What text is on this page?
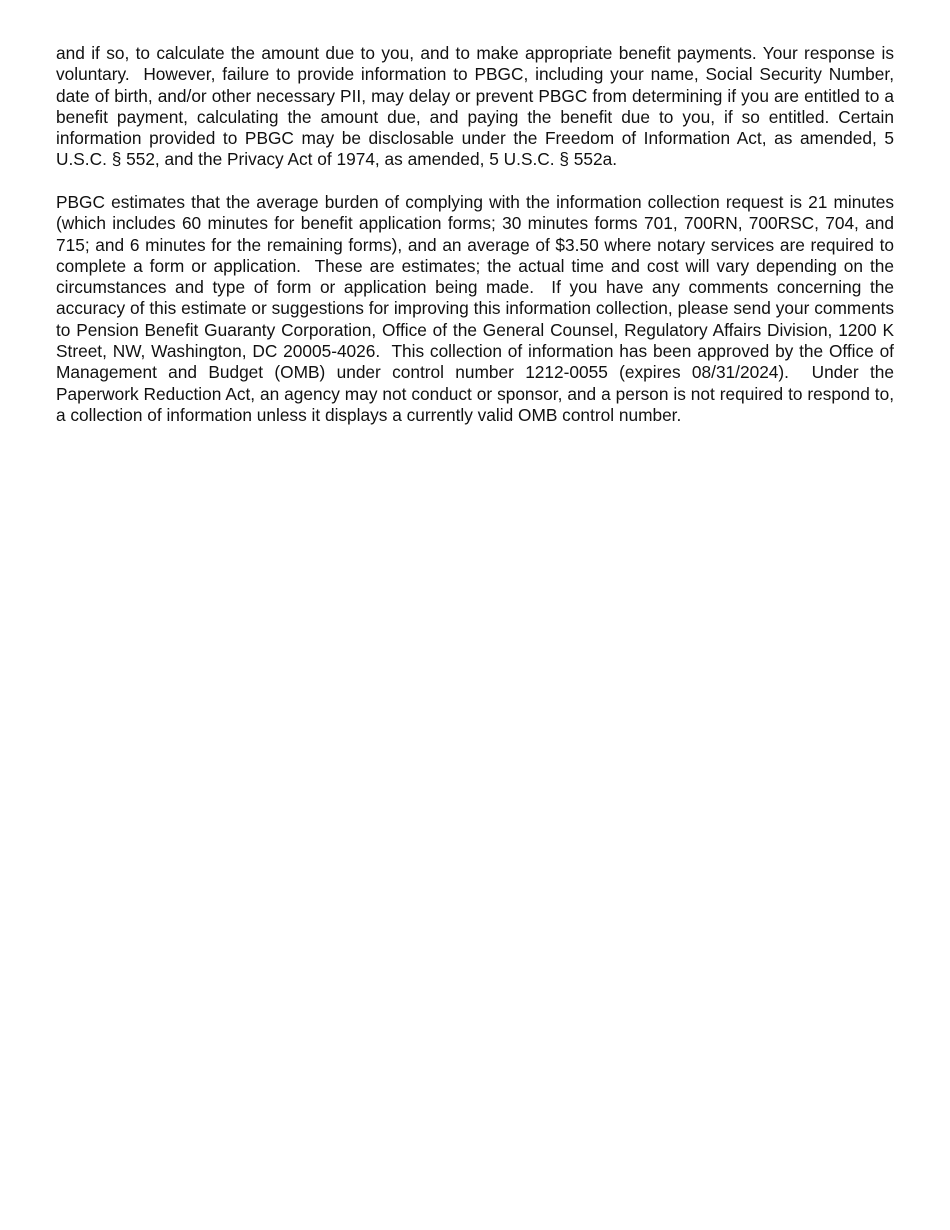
and if so, to calculate the amount due to you, and to make appropriate benefit payments. Your response is voluntary.  However, failure to provide information to PBGC, including your name, Social Security Number, date of birth, and/or other necessary PII, may delay or prevent PBGC from determining if you are entitled to a benefit payment, calculating the amount due, and paying the benefit due to you, if so entitled. Certain information provided to PBGC may be disclosable under the Freedom of Information Act, as amended, 5 U.S.C. § 552, and the Privacy Act of 1974, as amended, 5 U.S.C. § 552a.

PBGC estimates that the average burden of complying with the information collection request is 21 minutes (which includes 60 minutes for benefit application forms; 30 minutes forms 701, 700RN, 700RSC, 704, and 715; and 6 minutes for the remaining forms), and an average of $3.50 where notary services are required to complete a form or application.  These are estimates; the actual time and cost will vary depending on the circumstances and type of form or application being made.  If you have any comments concerning the accuracy of this estimate or suggestions for improving this information collection, please send your comments to Pension Benefit Guaranty Corporation, Office of the General Counsel, Regulatory Affairs Division, 1200 K Street, NW, Washington, DC 20005-4026.  This collection of information has been approved by the Office of Management and Budget (OMB) under control number 1212-0055 (expires 08/31/2024).  Under the Paperwork Reduction Act, an agency may not conduct or sponsor, and a person is not required to respond to, a collection of information unless it displays a currently valid OMB control number.
